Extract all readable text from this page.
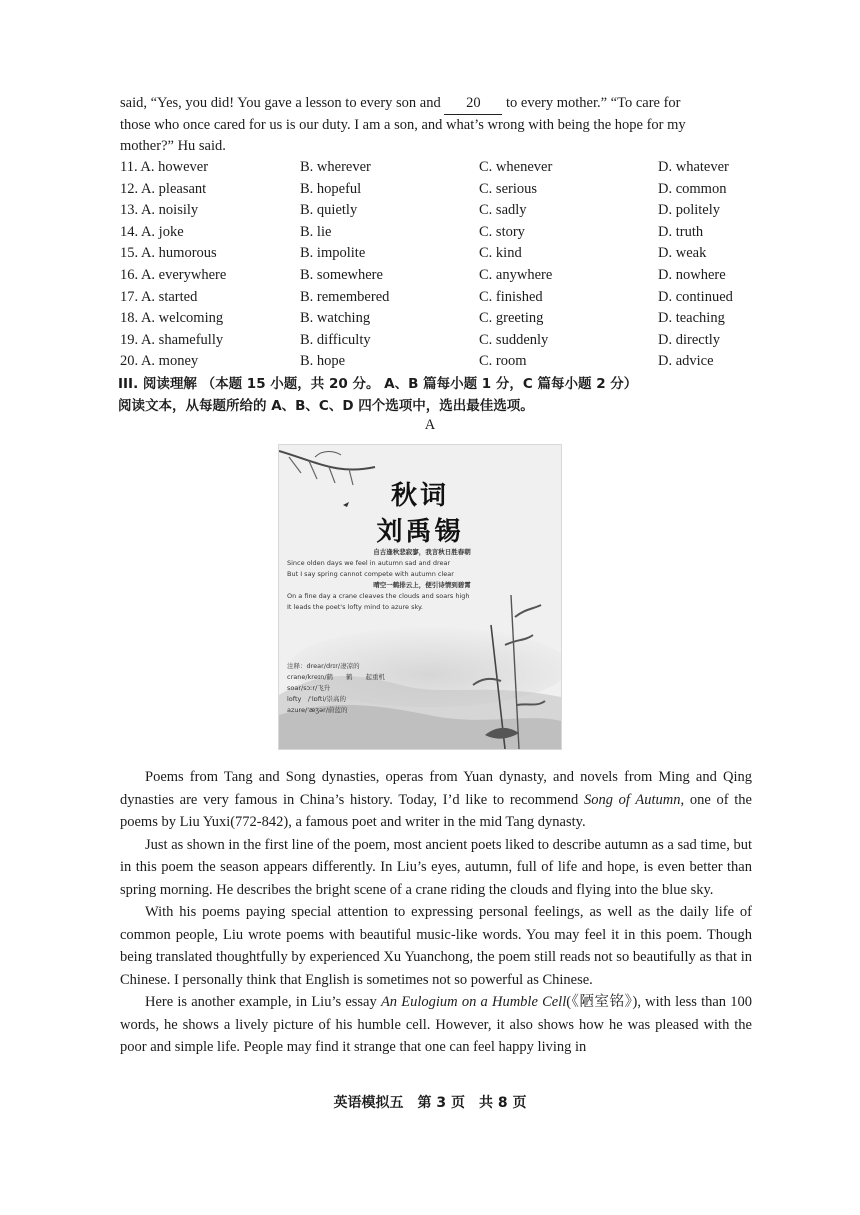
said, “Yes, you did! You gave a lesson to every son and 20 to every mother.” “To care for

those who once cared for us is our duty. I am a son, and what’s wrong with being the hope for my

mother?” Hu said.

11. A. however	B. wherever	C. whenever	D. whatever
12. A. pleasant	B. hopeful	C. serious	D. common
13. A. noisily	B. quietly	C. sadly	D. politely
14. A. joke	B. lie	C. story	D. truth
15. A. humorous	B. impolite	C. kind	D. weak
16. A. everywhere	B. somewhere	C. anywhere	D. nowhere
17. A. started	B. remembered	C. finished	D. continued
18. A. welcoming	B. watching	C. greeting	D. teaching
19. A. shamefully	B. difficulty	C. suddenly	D. directly
20. A. money	B. hope	C. room	D. advice
III. 阅读理解 （本题 15 小题，共 20 分。 A、B 篇每小题 1 分，C 篇每小题 2 分）
阅读文本，从每题所给的 A、B、C、D 四个选项中，选出最佳选项。
A
秋词
刘禹锡
自古逢秋悲寂寥，我言秋日胜春朝
Since olden days we feel in autumn sad and drear
But I say spring cannot compete with autumn clear
晴空一鹤排云上，便引诗情到碧霄
On a fine day a crane cleaves the clouds and soars high
It leads the poet's lofty mind to azure sky.
注释：drear/drɪr/凄凉的
crane/kreɪn/鹤　　鹤　　起重机
soar/sɔːr/飞升
lofty　/ˈlɒfti/崇高的
azure/ˈæʒər/蔚蓝的

Poems from Tang and Song dynasties, operas from Yuan dynasty, and novels from Ming and Qing dynasties are very famous in China’s history. Today, I’d like to recommend Song of Autumn, one of the poems by Liu Yuxi(772-842), a famous poet and writer in the mid Tang dynasty.

Just as shown in the first line of the poem, most ancient poets liked to describe autumn as a sad time, but in this poem the season appears differently. In Liu’s eyes, autumn, full of life and hope, is even better than spring morning. He describes the bright scene of a crane riding the clouds and flying into the blue sky.

With his poems paying special attention to expressing personal feelings, as well as the daily life of common people, Liu wrote poems with beautiful music-like words. You may feel it in this poem. Though being translated thoughtfully by experienced Xu Yuanchong, the poem still reads not so beautifully as that in Chinese. I personally think that English is sometimes not so powerful as Chinese.

Here is another example, in Liu’s essay An Eulogium on a Humble Cell(《陋室铭》), with less than 100 words, he shows a lively picture of his humble cell. However, it also shows how he was pleased with the poor and simple life. People may find it strange that one can feel happy living in

英语模拟五　第 3 页　共 8 页
